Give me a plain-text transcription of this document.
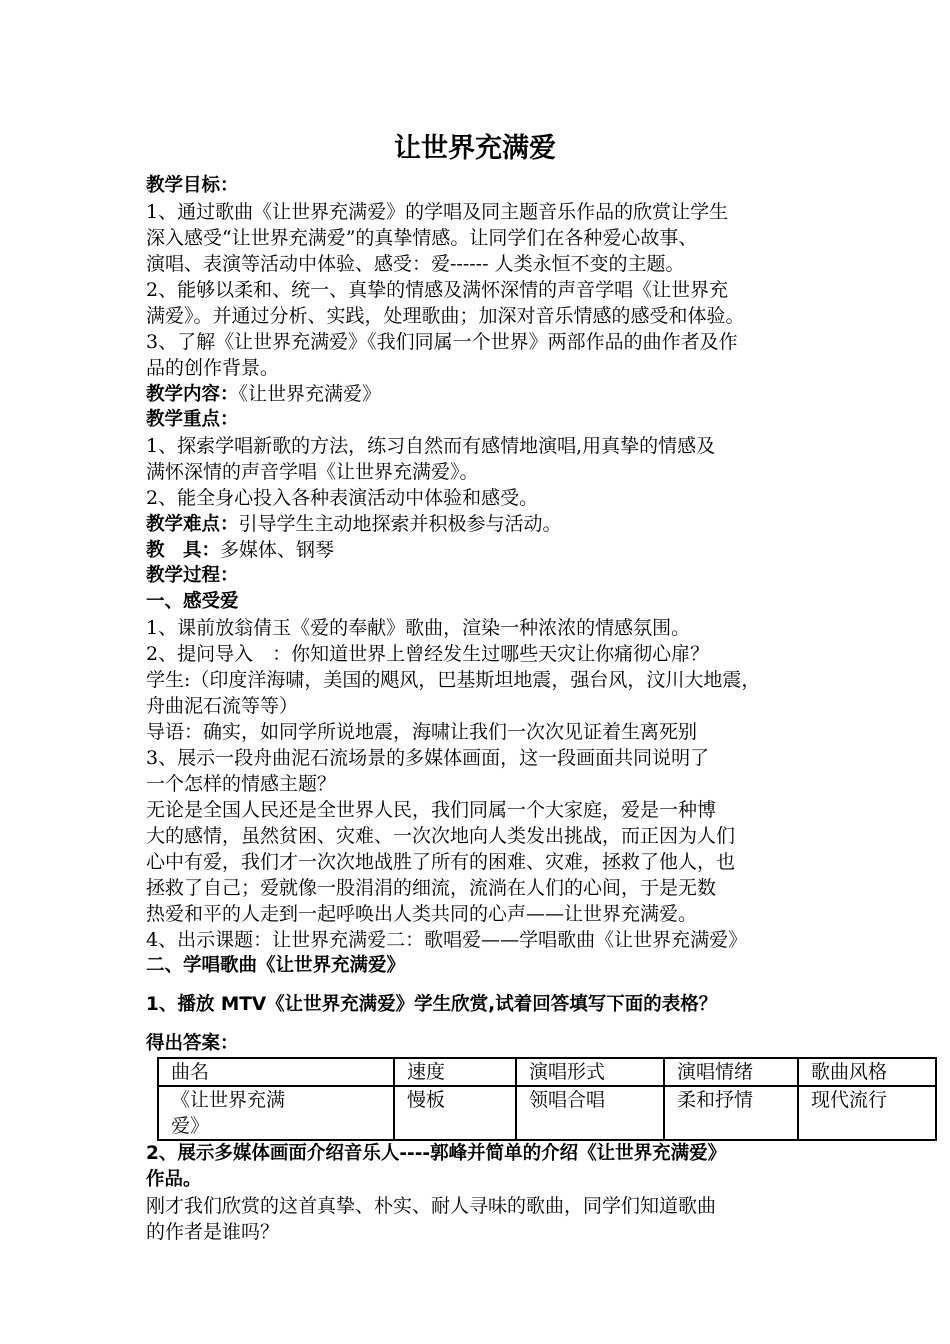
让世界充满爱
教学目标：
1、通过歌曲《让世界充满爱》的学唱及同主题音乐作品的欣赏让学生
深入感受“让世界充满爱”的真挚情感。让同学们在各种爱心故事、
演唱、表演等活动中体验、感受：爱------ 人类永恒不变的主题。
2、能够以柔和、统一、真挚的情感及满怀深情的声音学唱《让世界充
满爱》。并通过分析、实践，处理歌曲；加深对音乐情感的感受和体验。
3、了解《让世界充满爱》《我们同属一个世界》两部作品的曲作者及作
品的创作背景。
教学内容：《让世界充满爱》
教学重点：
1、探索学唱新歌的方法，练习自然而有感情地演唱,用真挚的情感及
满怀深情的声音学唱《让世界充满爱》。
2、能全身心投入各种表演活动中体验和感受。
教学难点：引导学生主动地探索并积极参与活动。
教　具：多媒体、钢琴
教学过程：
一、感受爱
1、课前放翁倩玉《爱的奉献》歌曲，渲染一种浓浓的情感氛围。
2、提问导入　：你知道世界上曾经发生过哪些天灾让你痛彻心扉？
学生:（印度洋海啸，美国的飓风，巴基斯坦地震，强台风，汶川大地震，
舟曲泥石流等等）
导语：确实，如同学所说地震，海啸让我们一次次见证着生离死别
3、展示一段舟曲泥石流场景的多媒体画面，这一段画面共同说明了
一个怎样的情感主题？
无论是全国人民还是全世界人民，我们同属一个大家庭，爱是一种博
大的感情，虽然贫困、灾难、一次次地向人类发出挑战，而正因为人们
心中有爱，我们才一次次地战胜了所有的困难、灾难，拯救了他人，也
拯救了自己；爱就像一股涓涓的细流，流淌在人们的心间，于是无数
热爱和平的人走到一起呼唤出人类共同的心声——让世界充满爱。
4、出示课题：让世界充满爱二：歌唱爱——学唱歌曲《让世界充满爱》
二、学唱歌曲《让世界充满爱》
1、播放 MTV《让世界充满爱》学生欣赏,试着回答填写下面的表格？
得出答案：
曲名	速度	演唱形式	演唱情绪	歌曲风格

《让世界充满
爱》	慢板	领唱合唱	柔和抒情	现代流行
2、展示多媒体画面介绍音乐人----郭峰并简单的介绍《让世界充满爱》
作品。
刚才我们欣赏的这首真挚、朴实、耐人寻味的歌曲，同学们知道歌曲
的作者是谁吗？
